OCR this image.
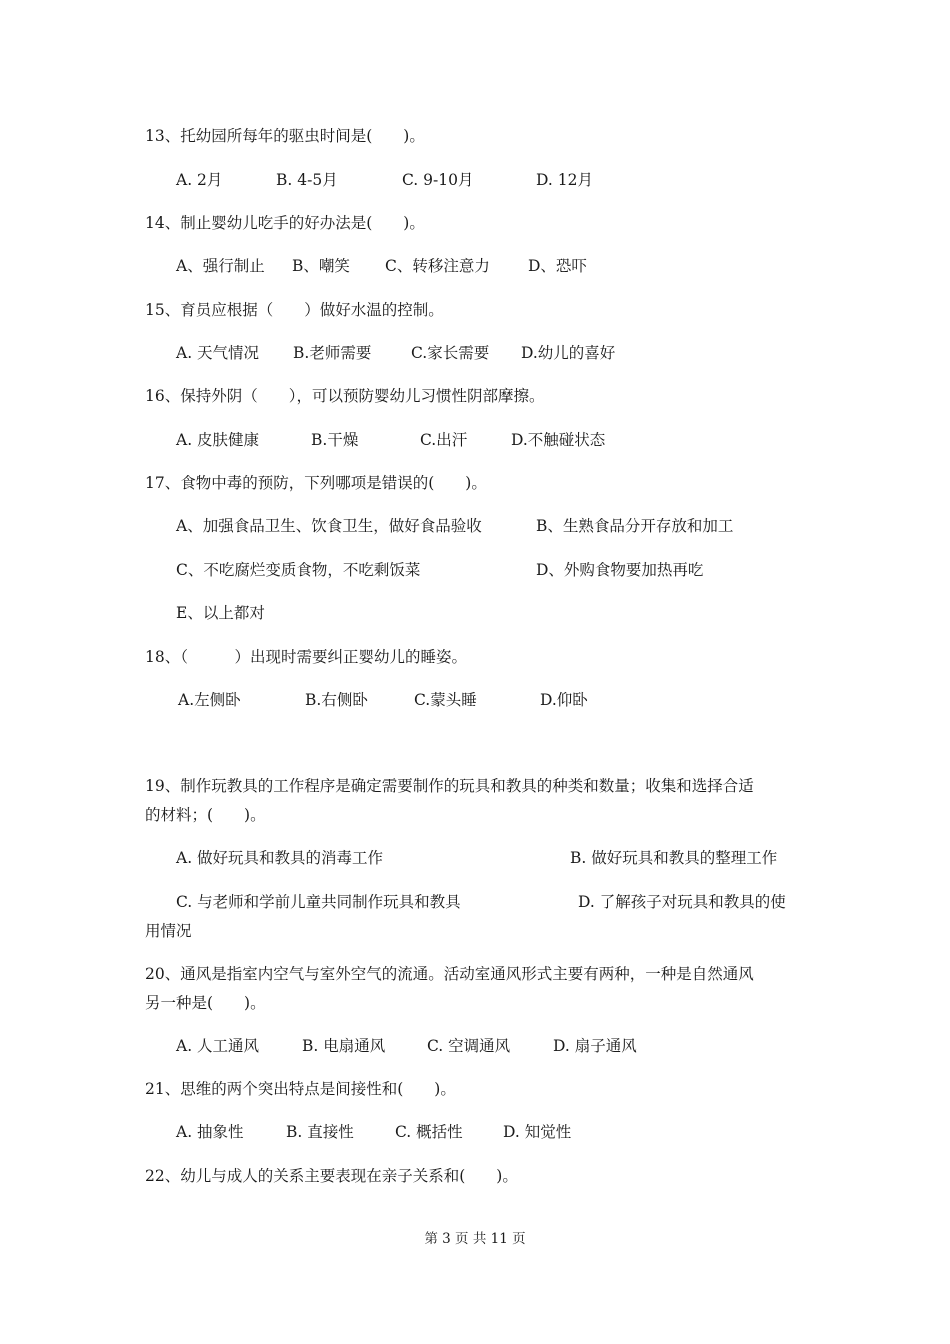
13、托幼园所每年的驱虫时间是(　　)。
A. 2月	B. 4-5月	C. 9-10月	D. 12月
14、制止婴幼儿吃手的好办法是(　　)。
A、强行制止 B、嘲笑 C、转移注意力 D、恐吓
15、育员应根据（　　）做好水温的控制。
A. 天气情况 B.老师需要	C.家长需要 D.幼儿的喜好
16、保持外阴（　　），可以预防婴幼儿习惯性阴部摩擦。
A. 皮肤健康	B.干燥	C.出汗	D.不触碰状态
17、食物中毒的预防，下列哪项是错误的(　　)。
A、加强食品卫生、饮食卫生，做好食品验收	B、生熟食品分开存放和加工
C、不吃腐烂变质食物，不吃剩饭菜	D、外购食物要加热再吃
E、以上都对
18、（　　　）出现时需要纠正婴幼儿的睡姿。
A.左侧卧	B.右侧卧	C.蒙头睡	D.仰卧
19、制作玩教具的工作程序是确定需要制作的玩具和教具的种类和数量；收集和选择合适
的材料；(　　)。
A. 做好玩具和教具的消毒工作	B. 做好玩具和教具的整理工作
C. 与老师和学前儿童共同制作玩具和教具	D. 了解孩子对玩具和教具的使
用情况
20、通风是指室内空气与室外空气的流通。活动室通风形式主要有两种，一种是自然通风
另一种是(　　)。
A. 人工通风	B. 电扇通风	C. 空调通风	D. 扇子通风
21、思维的两个突出特点是间接性和(　　)。
A. 抽象性	B. 直接性	C. 概括性	D. 知觉性
22、幼儿与成人的关系主要表现在亲子关系和(　　)。
第 3 页 共 11 页
